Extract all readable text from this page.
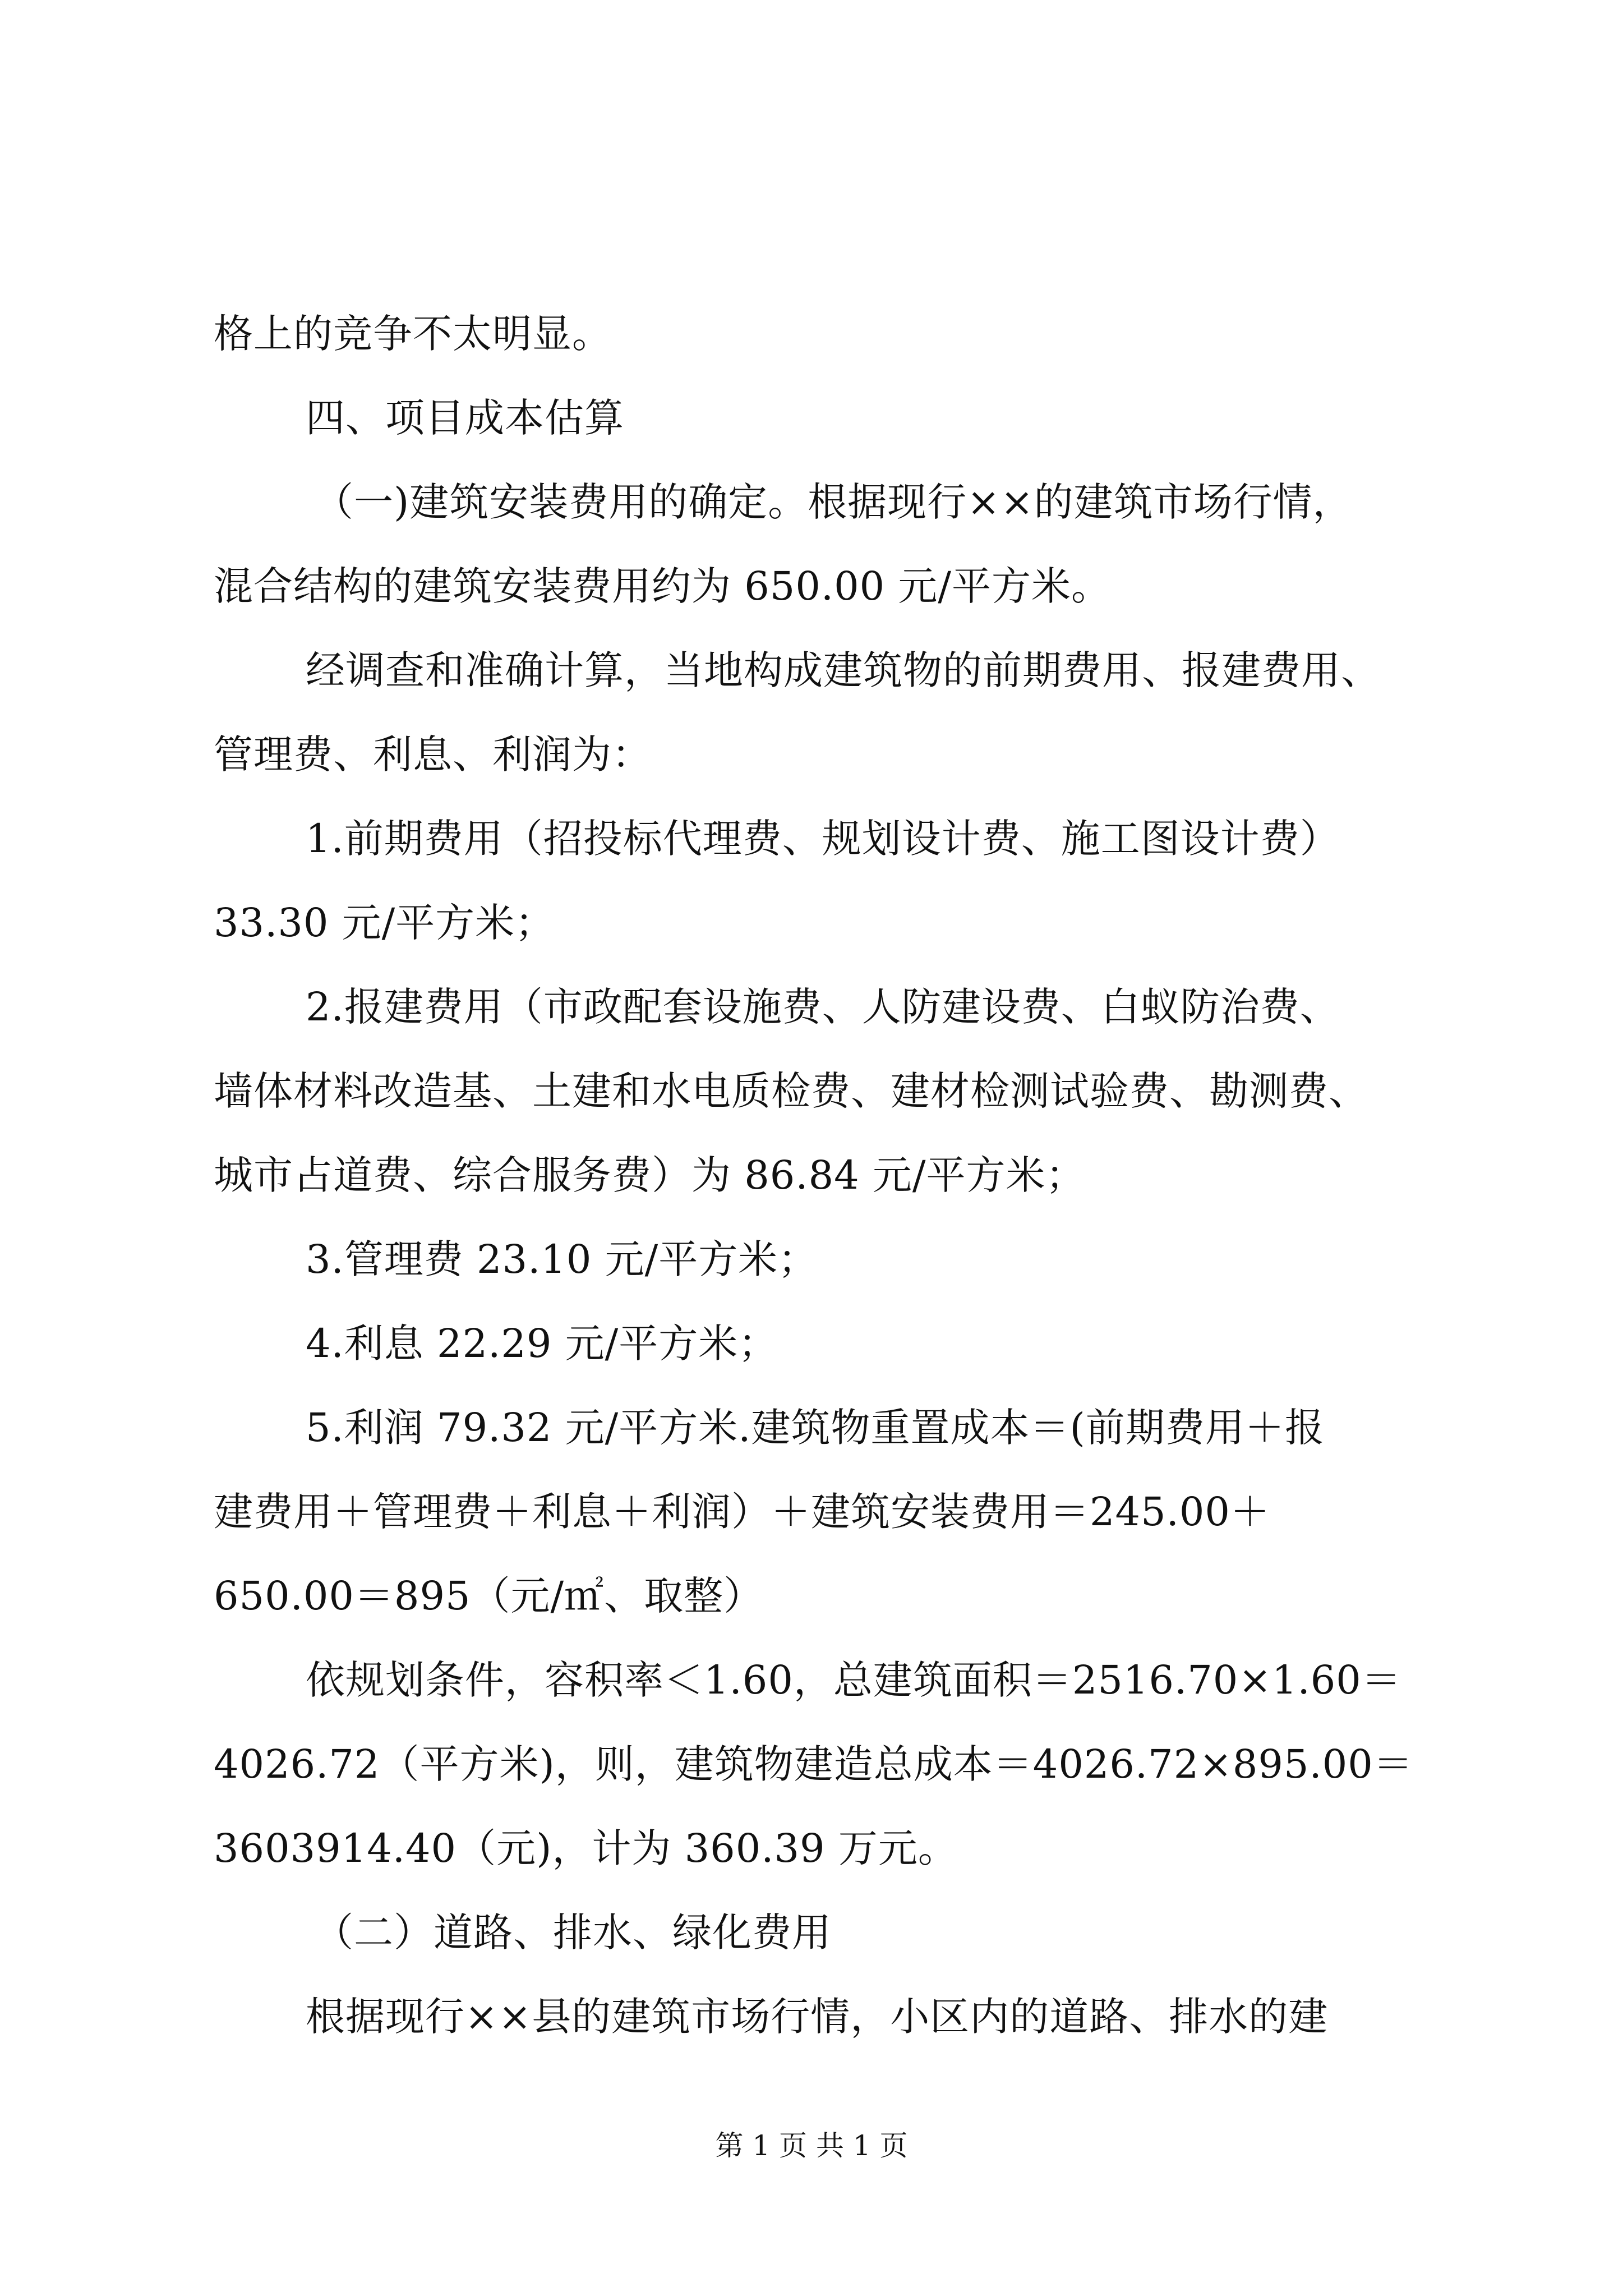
格上的竞争不太明显。
四、项目成本估算
（一)建筑安装费用的确定。根据现行××的建筑市场行情，
混合结构的建筑安装费用约为 650.00 元/平方米。
经调查和准确计算，当地构成建筑物的前期费用、报建费用、
管理费、利息、利润为：
1.前期费用（招投标代理费、规划设计费、施工图设计费）
33.30 元/平方米；
2.报建费用（市政配套设施费、人防建设费、白蚁防治费、
墙体材料改造基、土建和水电质检费、建材检测试验费、勘测费、
城市占道费、综合服务费）为 86.84 元/平方米；
3.管理费 23.10 元/平方米；
4.利息 22.29 元/平方米；
5.利润 79.32 元/平方米.建筑物重置成本＝(前期费用＋报
建费用＋管理费＋利息＋利润）＋建筑安装费用＝245.00＋
650.00＝895（元/㎡、取整）
依规划条件，容积率＜1.60，总建筑面积＝2516.70×1.60＝
4026.72（平方米)，则，建筑物建造总成本＝4026.72×895.00＝
3603914.40（元)，计为 360.39 万元。
（二）道路、排水、绿化费用
根据现行××县的建筑市场行情，小区内的道路、排水的建
第 1 页 共 1 页
